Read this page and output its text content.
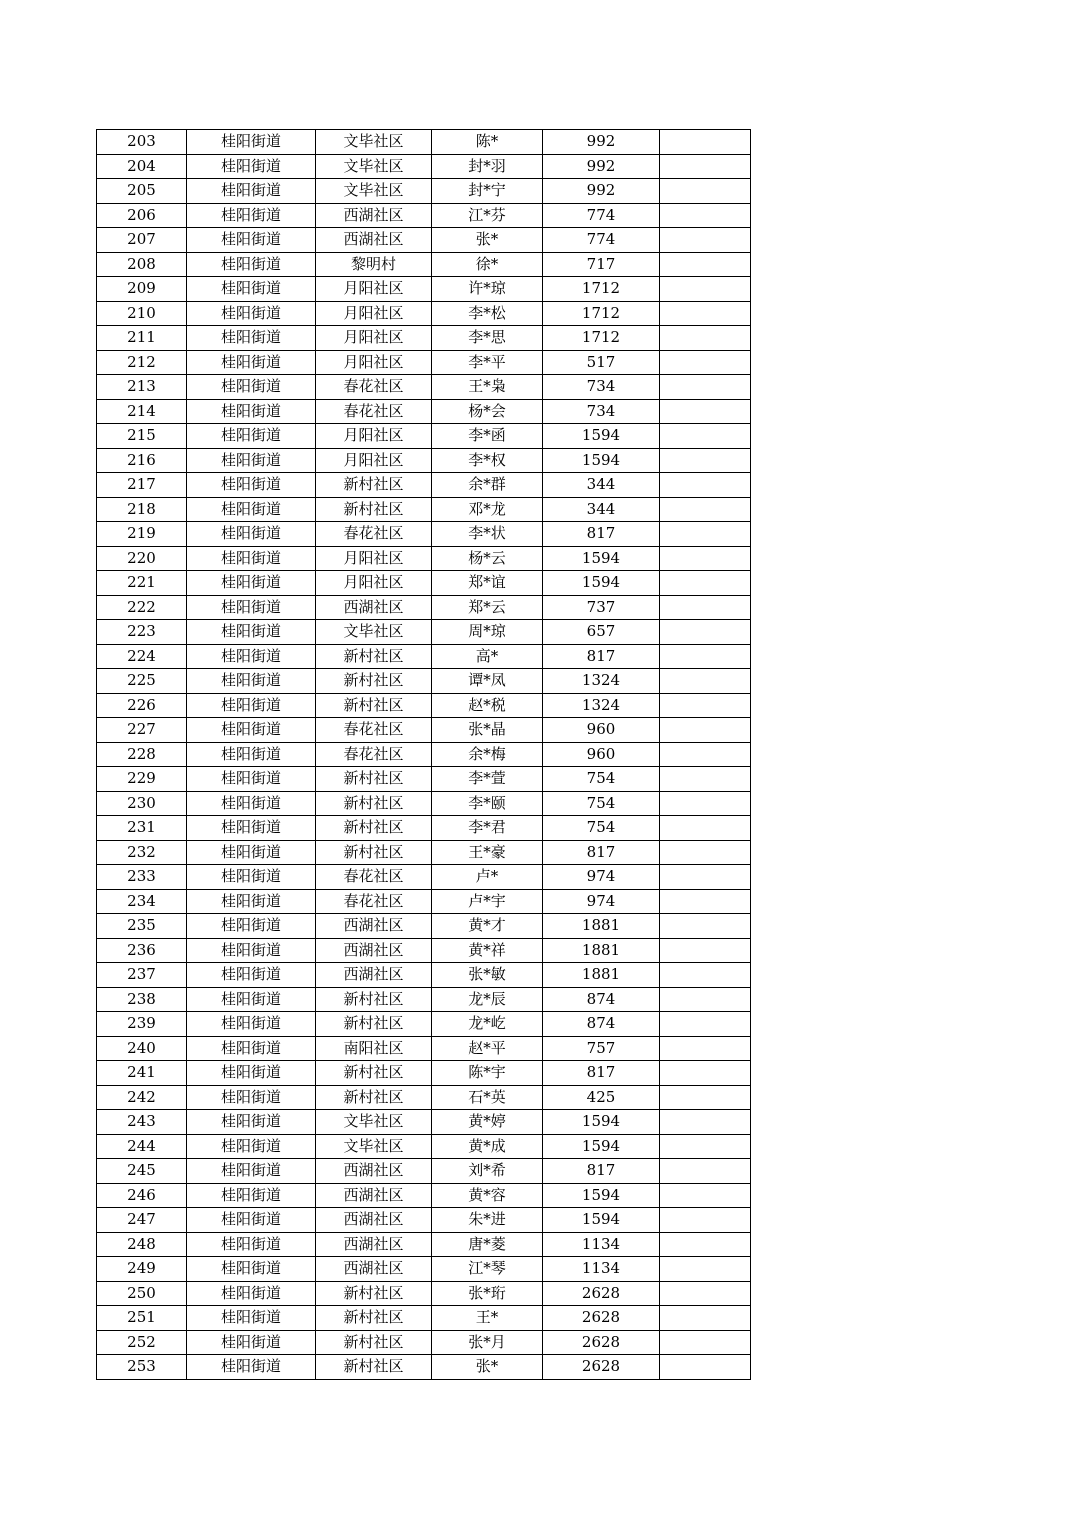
203	桂阳街道	文毕社区	陈*	992	
204	桂阳街道	文毕社区	封*羽	992	
205	桂阳街道	文毕社区	封*宁	992	
206	桂阳街道	西湖社区	江*芬	774	
207	桂阳街道	西湖社区	张*	774	
208	桂阳街道	黎明村	徐*	717	
209	桂阳街道	月阳社区	许*琼	1712	
210	桂阳街道	月阳社区	李*松	1712	
211	桂阳街道	月阳社区	李*思	1712	
212	桂阳街道	月阳社区	李*平	517	
213	桂阳街道	春花社区	王*枭	734	
214	桂阳街道	春花社区	杨*会	734	
215	桂阳街道	月阳社区	李*函	1594	
216	桂阳街道	月阳社区	李*权	1594	
217	桂阳街道	新村社区	余*群	344	
218	桂阳街道	新村社区	邓*龙	344	
219	桂阳街道	春花社区	李*状	817	
220	桂阳街道	月阳社区	杨*云	1594	
221	桂阳街道	月阳社区	郑*谊	1594	
222	桂阳街道	西湖社区	郑*云	737	
223	桂阳街道	文毕社区	周*琼	657	
224	桂阳街道	新村社区	高*	817	
225	桂阳街道	新村社区	谭*凤	1324	
226	桂阳街道	新村社区	赵*税	1324	
227	桂阳街道	春花社区	张*晶	960	
228	桂阳街道	春花社区	余*梅	960	
229	桂阳街道	新村社区	李*萱	754	
230	桂阳街道	新村社区	李*颐	754	
231	桂阳街道	新村社区	李*君	754	
232	桂阳街道	新村社区	王*豪	817	
233	桂阳街道	春花社区	卢*	974	
234	桂阳街道	春花社区	卢*宇	974	
235	桂阳街道	西湖社区	黄*才	1881	
236	桂阳街道	西湖社区	黄*祥	1881	
237	桂阳街道	西湖社区	张*敏	1881	
238	桂阳街道	新村社区	龙*辰	874	
239	桂阳街道	新村社区	龙*屹	874	
240	桂阳街道	南阳社区	赵*平	757	
241	桂阳街道	新村社区	陈*宇	817	
242	桂阳街道	新村社区	石*英	425	
243	桂阳街道	文毕社区	黄*婷	1594	
244	桂阳街道	文毕社区	黄*成	1594	
245	桂阳街道	西湖社区	刘*希	817	
246	桂阳街道	西湖社区	黄*容	1594	
247	桂阳街道	西湖社区	朱*进	1594	
248	桂阳街道	西湖社区	唐*菱	1134	
249	桂阳街道	西湖社区	江*琴	1134	
250	桂阳街道	新村社区	张*珩	2628	
251	桂阳街道	新村社区	王*	2628	
252	桂阳街道	新村社区	张*月	2628	
253	桂阳街道	新村社区	张*	2628	
